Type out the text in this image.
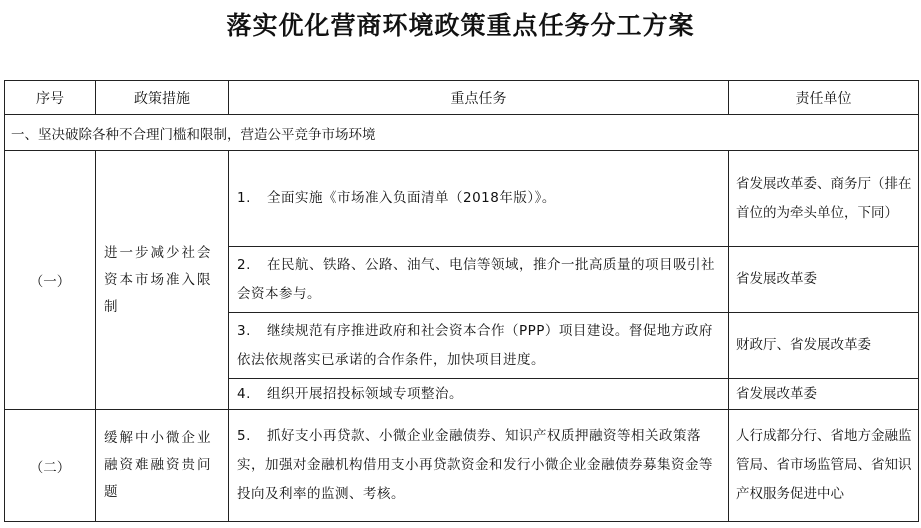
落实优化营商环境政策重点任务分工方案
序号	政策措施	重点任务	责任单位
一、坚决破除各种不合理门槛和限制，营造公平竞争市场环境			
（一）	进一步减少社会资本市场准入限制	1. 全面实施《市场准入负面清单（2018年版）》。	省发展改革委、商务厅（排在首位的为牵头单位，下同）
		2. 在民航、铁路、公路、油气、电信等领域，推介一批高质量的项目吸引社会资本参与。	省发展改革委
		3. 继续规范有序推进政府和社会资本合作（PPP）项目建设。督促地方政府依法依规落实已承诺的合作条件，加快项目进度。	财政厅、省发展改革委
		4. 组织开展招投标领域专项整治。	省发展改革委
（二）	缓解中小微企业融资难融资贵问题	5. 抓好支小再贷款、小微企业金融债券、知识产权质押融资等相关政策落实，加强对金融机构借用支小再贷款资金和发行小微企业金融债券募集资金等投向及利率的监测、考核。	人行成都分行、省地方金融监管局、省市场监管局、省知识产权服务促进中心
